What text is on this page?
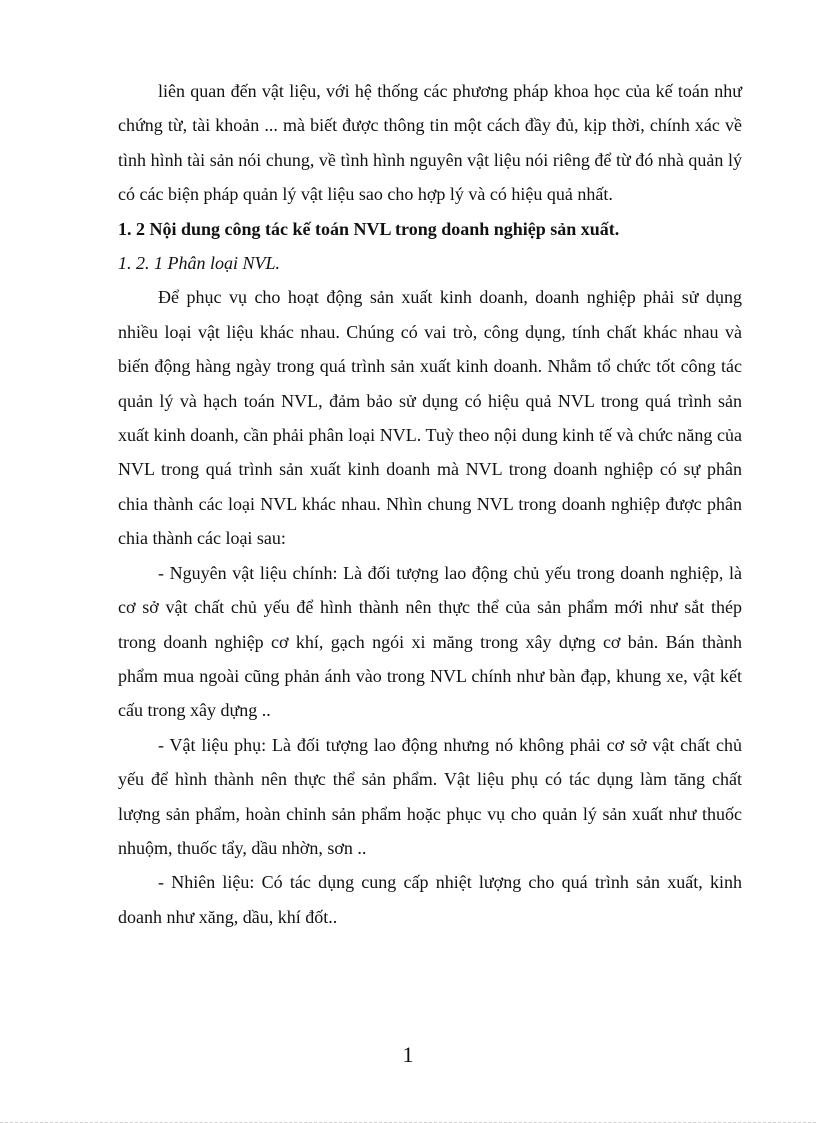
liên quan đến vật liệu, với hệ thống các phương pháp khoa học của kế toán như chứng từ, tài khoản ... mà biết được thông tin một cách đầy đủ, kịp thời, chính xác về tình hình tài sản nói chung, về tình hình nguyên vật liệu nói riêng để từ đó nhà quản lý có các biện pháp quản lý vật liệu sao cho hợp lý và có hiệu quả nhất.

1. 2 Nội dung công tác kế toán NVL trong doanh nghiệp sản xuất.

1. 2. 1 Phân loại NVL.

Để phục vụ cho hoạt động sản xuất kinh doanh, doanh nghiệp phải sử dụng nhiều loại vật liệu khác nhau. Chúng có vai trò, công dụng, tính chất khác nhau và biến động hàng ngày trong quá trình sản xuất kinh doanh. Nhằm tổ chức tốt công tác quản lý và hạch toán NVL, đảm bảo sử dụng có hiệu quả NVL trong quá trình sản xuất kinh doanh, cần phải phân loại NVL. Tuỳ theo nội dung kinh tế và chức năng của NVL trong quá trình sản xuất kinh doanh mà NVL trong doanh nghiệp có sự phân chia thành các loại NVL khác nhau. Nhìn chung NVL trong doanh nghiệp được phân chia thành các loại sau:

- Nguyên vật liệu chính: Là đối tượng lao động chủ yếu trong doanh nghiệp, là cơ sở vật chất chủ yếu để hình thành nên thực thể của sản phẩm mới như sắt thép trong doanh nghiệp cơ khí, gạch ngói xi măng trong xây dựng cơ bản. Bán thành phẩm mua ngoài cũng phản ánh vào trong NVL chính như bàn đạp, khung xe, vật kết cấu trong xây dựng ..

- Vật liệu phụ: Là đối tượng lao động nhưng nó không phải cơ sở vật chất chủ yếu để hình thành nên thực thể sản phẩm. Vật liệu phụ có tác dụng làm tăng chất lượng sản phẩm, hoàn chỉnh sản phẩm hoặc phục vụ cho quản lý sản xuất như thuốc nhuộm, thuốc tẩy, dầu nhờn, sơn ..

- Nhiên liệu: Có tác dụng cung cấp nhiệt lượng cho quá trình sản xuất, kinh doanh như xăng, dầu, khí đốt..

1
